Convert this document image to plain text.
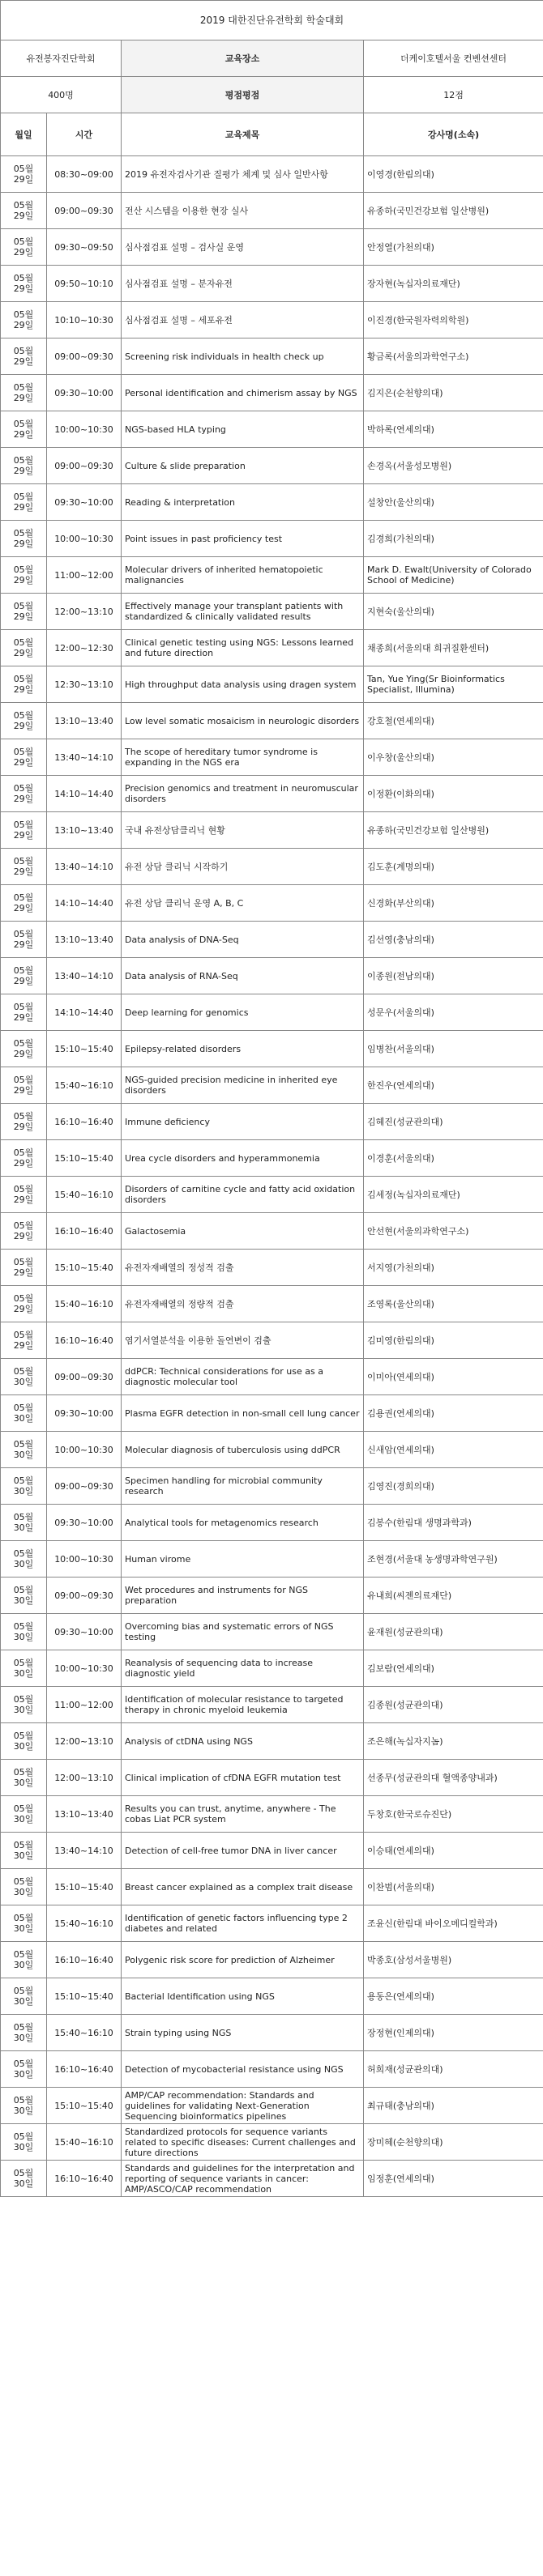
2019 대한진단유전학회 학술대회			
유전봉자진단학회		교육장소	더케이호텔서울 컨벤션센터
400명		평점평점	12점
월일	시간	교육제목	강사명(소속)
05월 29일	08:30~09:00	2019 유전자검사기관 질평가 체계 및 심사 일반사항	이영경(한림의대)
05월 29일	09:00~09:30	전산 시스템을 이용한 현장 실사	유종하(국민건강보험 일산병원)
05월 29일	09:30~09:50	심사점검표 설명 – 검사실 운영	안정열(가천의대)
05월 29일	09:50~10:10	심사점검표 설명 – 분자유전	장자현(녹십자의료재단)
05월 29일	10:10~10:30	심사점검표 설명 – 세포유전	이진경(한국원자력의학원)
05월 29일	09:00~09:30	Screening risk individuals in health check up	황금록(서울의과학연구소)
05월 29일	09:30~10:00	Personal identification and chimerism assay by NGS	김지은(순천향의대)
05월 29일	10:00~10:30	NGS-based HLA typing	박하록(연세의대)
05월 29일	09:00~09:30	Culture & slide preparation	손경옥(서울성모병원)
05월 29일	09:30~10:00	Reading & interpretation	설창안(울산의대)
05월 29일	10:00~10:30	Point issues in past proficiency test	김경희(가천의대)
05월 29일	11:00~12:00	Molecular drivers of inherited hematopoietic malignancies	Mark D. Ewalt(University of Colorado School of Medicine)
05월 29일	12:00~13:10	Effectively manage your transplant patients with standardized & clinically validated results	지현숙(울산의대)
05월 29일	12:00~12:30	Clinical genetic testing using NGS: Lessons learned and future direction	채종희(서울의대 희귀질환센터)
05월 29일	12:30~13:10	High throughput data analysis using dragen system	Tan, Yue Ying(Sr Bioinformatics Specialist, Illumina)
05월 29일	13:10~13:40	Low level somatic mosaicism in neurologic disorders	강호철(연세의대)
05월 29일	13:40~14:10	The scope of hereditary tumor syndrome is expanding in the NGS era	이우창(울산의대)
05월 29일	14:10~14:40	Precision genomics and treatment in neuromuscular disorders	이정환(이화의대)
05월 29일	13:10~13:40	국내 유전상담클리닉 현황	유종하(국민건강보험 일산병원)
05월 29일	13:40~14:10	유전 상담 클리닉 시작하기	김도훈(계명의대)
05월 29일	14:10~14:40	유전 상담 클리닉 운영 A, B, C	신경화(부산의대)
05월 29일	13:10~13:40	Data analysis of DNA-Seq	김선영(충남의대)
05월 29일	13:40~14:10	Data analysis of RNA-Seq	이종원(전남의대)
05월 29일	14:10~14:40	Deep learning for genomics	성문우(서울의대)
05월 29일	15:10~15:40	Epilepsy-related disorders	임병찬(서울의대)
05월 29일	15:40~16:10	NGS-guided precision medicine in inherited eye disorders	한진우(연세의대)
05월 29일	16:10~16:40	Immune deficiency	김혜진(성균관의대)
05월 29일	15:10~15:40	Urea cycle disorders and hyperammonemia	이경훈(서울의대)
05월 29일	15:40~16:10	Disorders of carnitine cycle and fatty acid oxidation disorders	김세정(녹십자의료재단)
05월 29일	16:10~16:40	Galactosemia	안선현(서울의과학연구소)
05월 29일	15:10~15:40	유전자재배열의 정성적 검출	서지영(가천의대)
05월 29일	15:40~16:10	유전자재배열의 정량적 검출	조영록(울산의대)
05월 29일	16:10~16:40	염기서열분석을 이용한 돌연변이 검출	김미영(한림의대)
05월 30일	09:00~09:30	ddPCR: Technical considerations for use as a diagnostic molecular tool	이미아(연세의대)
05월 30일	09:30~10:00	Plasma EGFR detection in non-small cell lung cancer	김용권(연세의대)
05월 30일	10:00~10:30	Molecular diagnosis of tuberculosis using ddPCR	신새암(연세의대)
05월 30일	09:00~09:30	Specimen handling for microbial community research	김영진(경희의대)
05월 30일	09:30~10:00	Analytical tools for metagenomics research	김봉수(한림대 생명과학과)
05월 30일	10:00~10:30	Human virome	조현경(서울대 농생명과학연구원)
05월 30일	09:00~09:30	Wet procedures and instruments for NGS preparation	유내희(씨젠의료재단)
05월 30일	09:30~10:00	Overcoming bias and systematic errors of NGS testing	윤재원(성균관의대)
05월 30일	10:00~10:30	Reanalysis of sequencing data to increase diagnostic yield	김보람(연세의대)
05월 30일	11:00~12:00	Identification of molecular resistance to targeted therapy in chronic myeloid leukemia	김종원(성균관의대)
05월 30일	12:00~13:10	Analysis of ctDNA using NGS	조은해(녹십자지놈)
05월 30일	12:00~13:10	Clinical implication of cfDNA EGFR mutation test	선종무(성균관의대 혈액종양내과)
05월 30일	13:10~13:40	Results you can trust, anytime, anywhere - The cobas Liat PCR system	두창호(한국로슈진단)
05월 30일	13:40~14:10	Detection of cell-free tumor DNA in liver cancer	이승태(연세의대)
05월 30일	15:10~15:40	Breast cancer explained as a complex trait disease	이찬범(서울의대)
05월 30일	15:40~16:10	Identification of genetic factors influencing type 2 diabetes and related	조윤신(한림대 바이오메디컬학과)
05월 30일	16:10~16:40	Polygenic risk score for prediction of Alzheimer	박종호(삼성서울병원)
05월 30일	15:10~15:40	Bacterial Identification using NGS	용동은(연세의대)
05월 30일	15:40~16:10	Strain typing using NGS	장정현(인제의대)
05월 30일	16:10~16:40	Detection of mycobacterial resistance using NGS	허희재(성균관의대)
05월 30일	15:10~15:40	AMP/CAP recommendation: Standards and guidelines for validating Next-Generation Sequencing bioinformatics pipelines	최규태(충남의대)
05월 30일	15:40~16:10	Standardized protocols for sequence variants related to specific diseases: Current challenges and future directions	장미혜(순천향의대)
05월 30일	16:10~16:40	Standards and guidelines for the interpretation and reporting of sequence variants in cancer: AMP/ASCO/CAP recommendation	임정훈(연세의대)
